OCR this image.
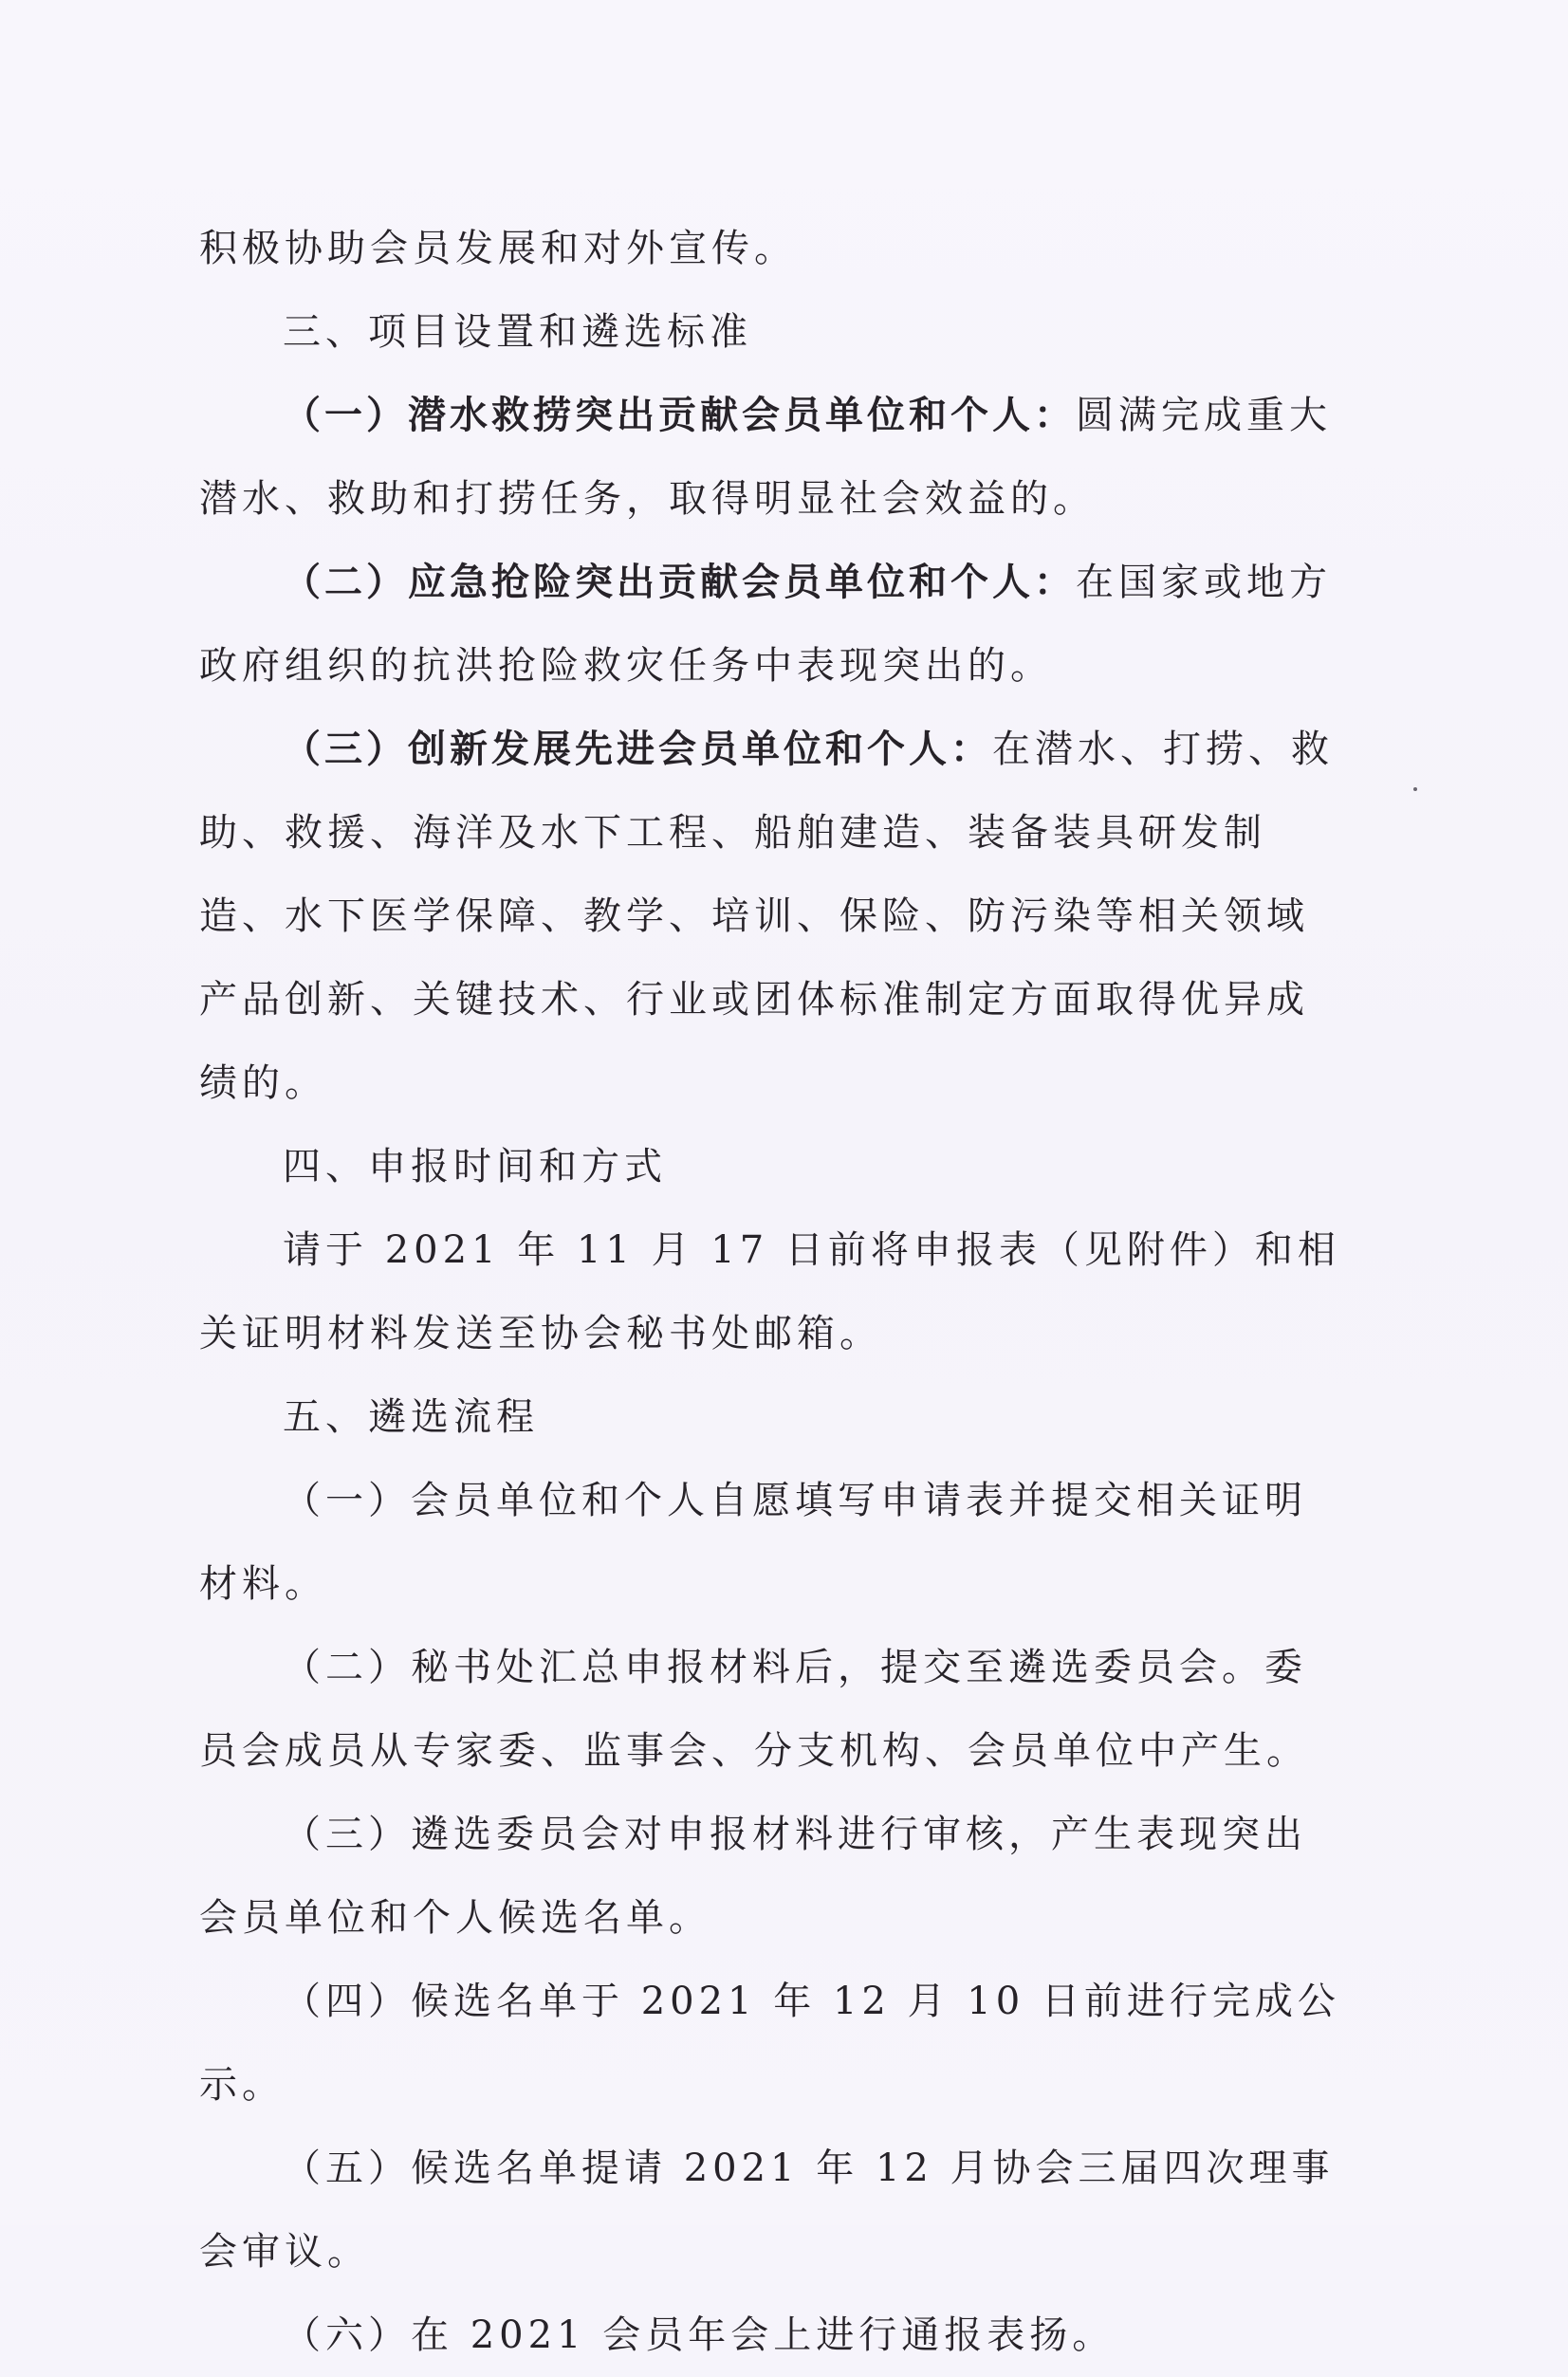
积极协助会员发展和对外宣传。

三、项目设置和遴选标准

（一）潜水救捞突出贡献会员单位和个人：圆满完成重大潜水、救助和打捞任务，取得明显社会效益的。

（二）应急抢险突出贡献会员单位和个人：在国家或地方政府组织的抗洪抢险救灾任务中表现突出的。

（三）创新发展先进会员单位和个人：在潜水、打捞、救助、救援、海洋及水下工程、船舶建造、装备装具研发制造、水下医学保障、教学、培训、保险、防污染等相关领域产品创新、关键技术、行业或团体标准制定方面取得优异成绩的。

四、申报时间和方式

请于 2021 年 11 月 17 日前将申报表（见附件）和相关证明材料发送至协会秘书处邮箱。

五、遴选流程

（一）会员单位和个人自愿填写申请表并提交相关证明材料。

（二）秘书处汇总申报材料后，提交至遴选委员会。委员会成员从专家委、监事会、分支机构、会员单位中产生。

（三）遴选委员会对申报材料进行审核，产生表现突出会员单位和个人候选名单。

（四）候选名单于 2021 年 12 月 10 日前进行完成公示。

（五）候选名单提请 2021 年 12 月协会三届四次理事会审议。

（六）在 2021 会员年会上进行通报表扬。
